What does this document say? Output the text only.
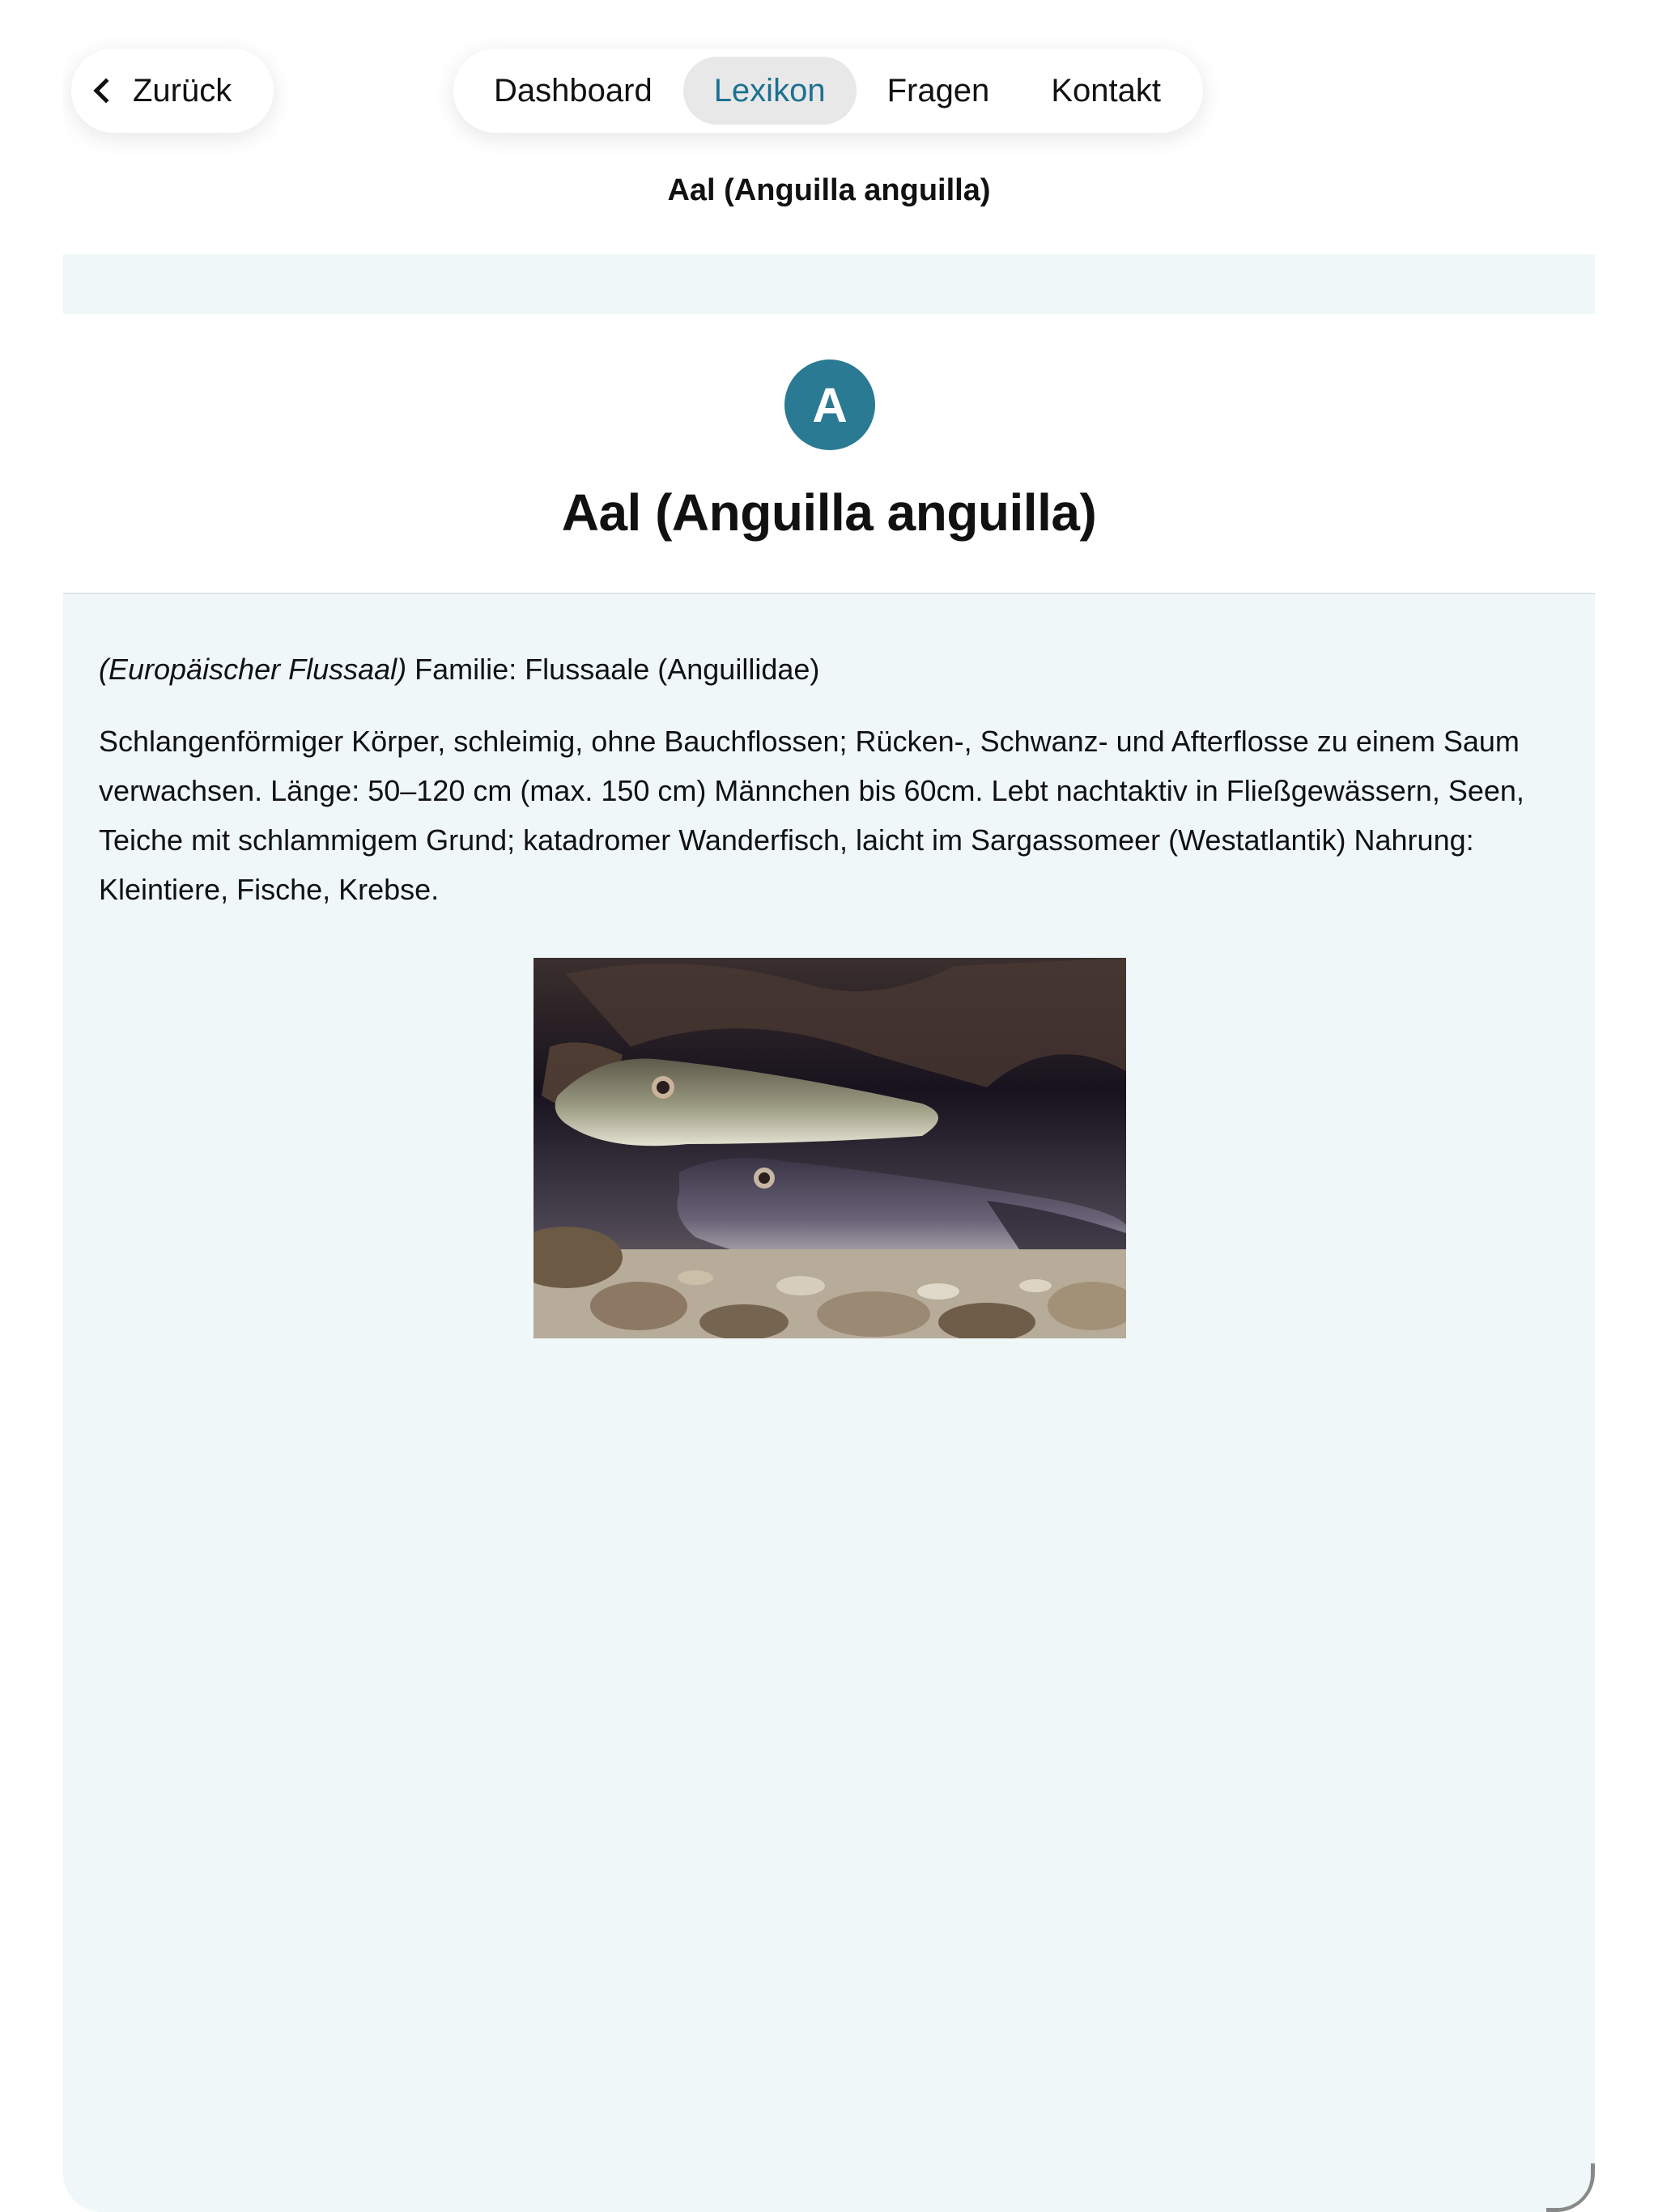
Zurück	Dashboard Lexikon Fragen Kontakt
Aal (Anguilla anguilla)
A
Aal (Anguilla anguilla)

(Europäischer Flussaal) Familie: Flussaale (Anguillidae)

Schlangenförmiger Körper, schleimig, ohne Bauchflossen; Rücken-, Schwanz- und Afterflosse zu einem Saum verwachsen. Länge: 50–120 cm (max. 150 cm) Männchen bis 60cm. Lebt nachtaktiv in Fließgewässern, Seen, Teiche mit schlammigem Grund; katadromer Wanderfisch, laicht im Sargassomeer (Westatlantik) Nahrung: Kleintiere, Fische, Krebse.
